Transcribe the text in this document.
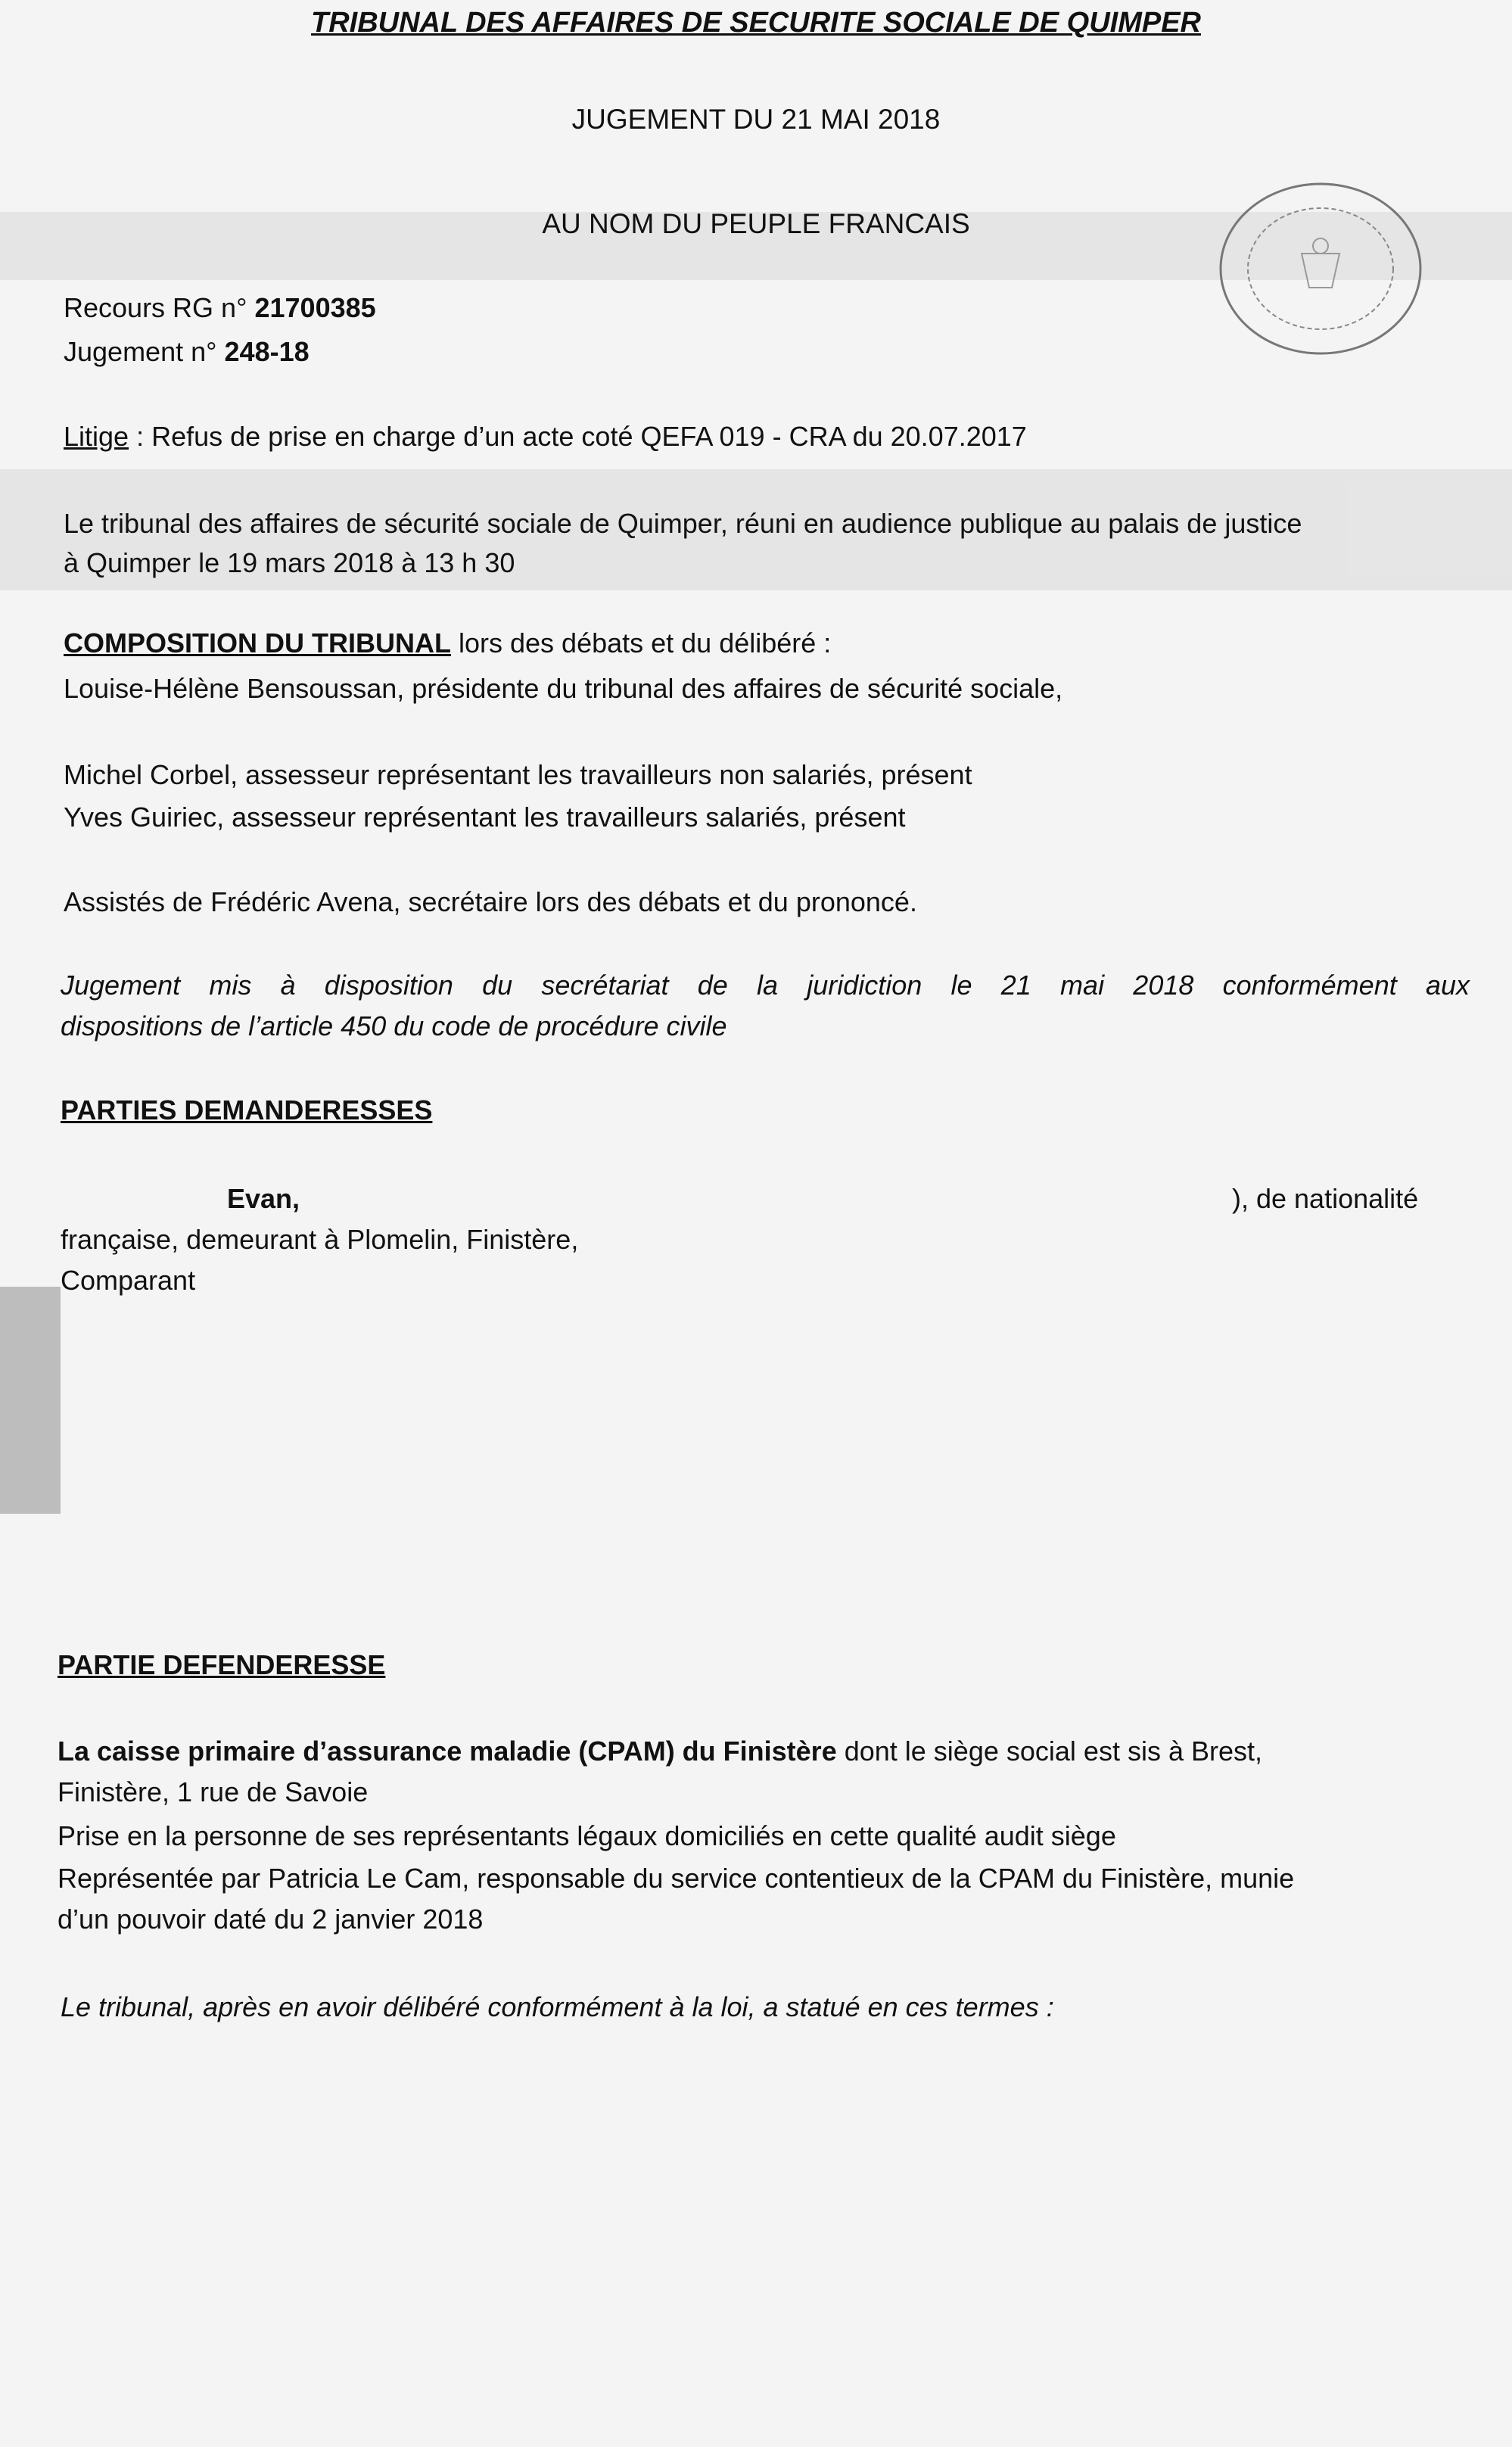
TRIBUNAL DES AFFAIRES DE SECURITE SOCIALE DE QUIMPER
JUGEMENT DU 21 MAI 2018
AU NOM DU PEUPLE FRANCAIS
Recours RG n° 21700385
Jugement n° 248-18
Litige : Refus de prise en charge d’un acte coté QEFA 019 - CRA du 20.07.2017
Le tribunal des affaires de sécurité sociale de Quimper, réuni en audience publique au palais de justice
à Quimper le 19 mars 2018 à 13 h 30
COMPOSITION DU TRIBUNAL lors des débats et du délibéré :
Louise-Hélène Bensoussan, présidente du tribunal des affaires de sécurité sociale,
Michel Corbel, assesseur représentant les travailleurs non salariés, présent
Yves Guiriec, assesseur représentant les travailleurs salariés, présent
Assistés de Frédéric Avena, secrétaire lors des débats et du prononcé.
Jugement mis à disposition du secrétariat de la juridiction le 21 mai 2018 conformément aux
dispositions de l’article 450 du code de procédure civile
PARTIES DEMANDERESSES
Evan,	), de nationalité
française, demeurant à Plomelin, Finistère,
Comparant
PARTIE DEFENDERESSE
La caisse primaire d’assurance maladie (CPAM) du Finistère dont le siège social est sis à Brest,
Finistère, 1 rue de Savoie
Prise en la personne de ses représentants légaux domiciliés en cette qualité audit siège
Représentée par Patricia Le Cam, responsable du service contentieux de la CPAM du Finistère, munie
d’un pouvoir daté du 2 janvier 2018
Le tribunal, après en avoir délibéré conformément à la loi, a statué en ces termes :
